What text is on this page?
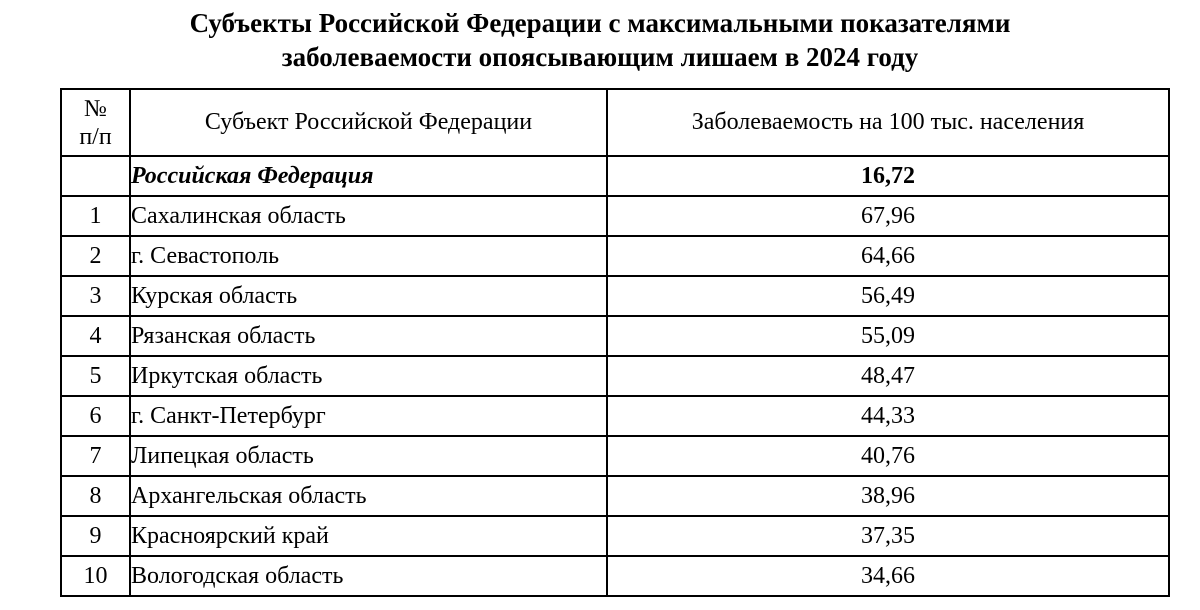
Субъекты Российской Федерации с максимальными показателями
заболеваемости опоясывающим лишаем в 2024 году
№
п/п	Субъект Российской Федерации	Заболеваемость на 100 тыс. населения
	Российская Федерация	16,72
1	Сахалинская область	67,96
2	г. Севастополь	64,66
3	Курская область	56,49
4	Рязанская область	55,09
5	Иркутская область	48,47
6	г. Санкт-Петербург	44,33
7	Липецкая область	40,76
8	Архангельская область	38,96
9	Красноярский край	37,35
10	Вологодская область	34,66
